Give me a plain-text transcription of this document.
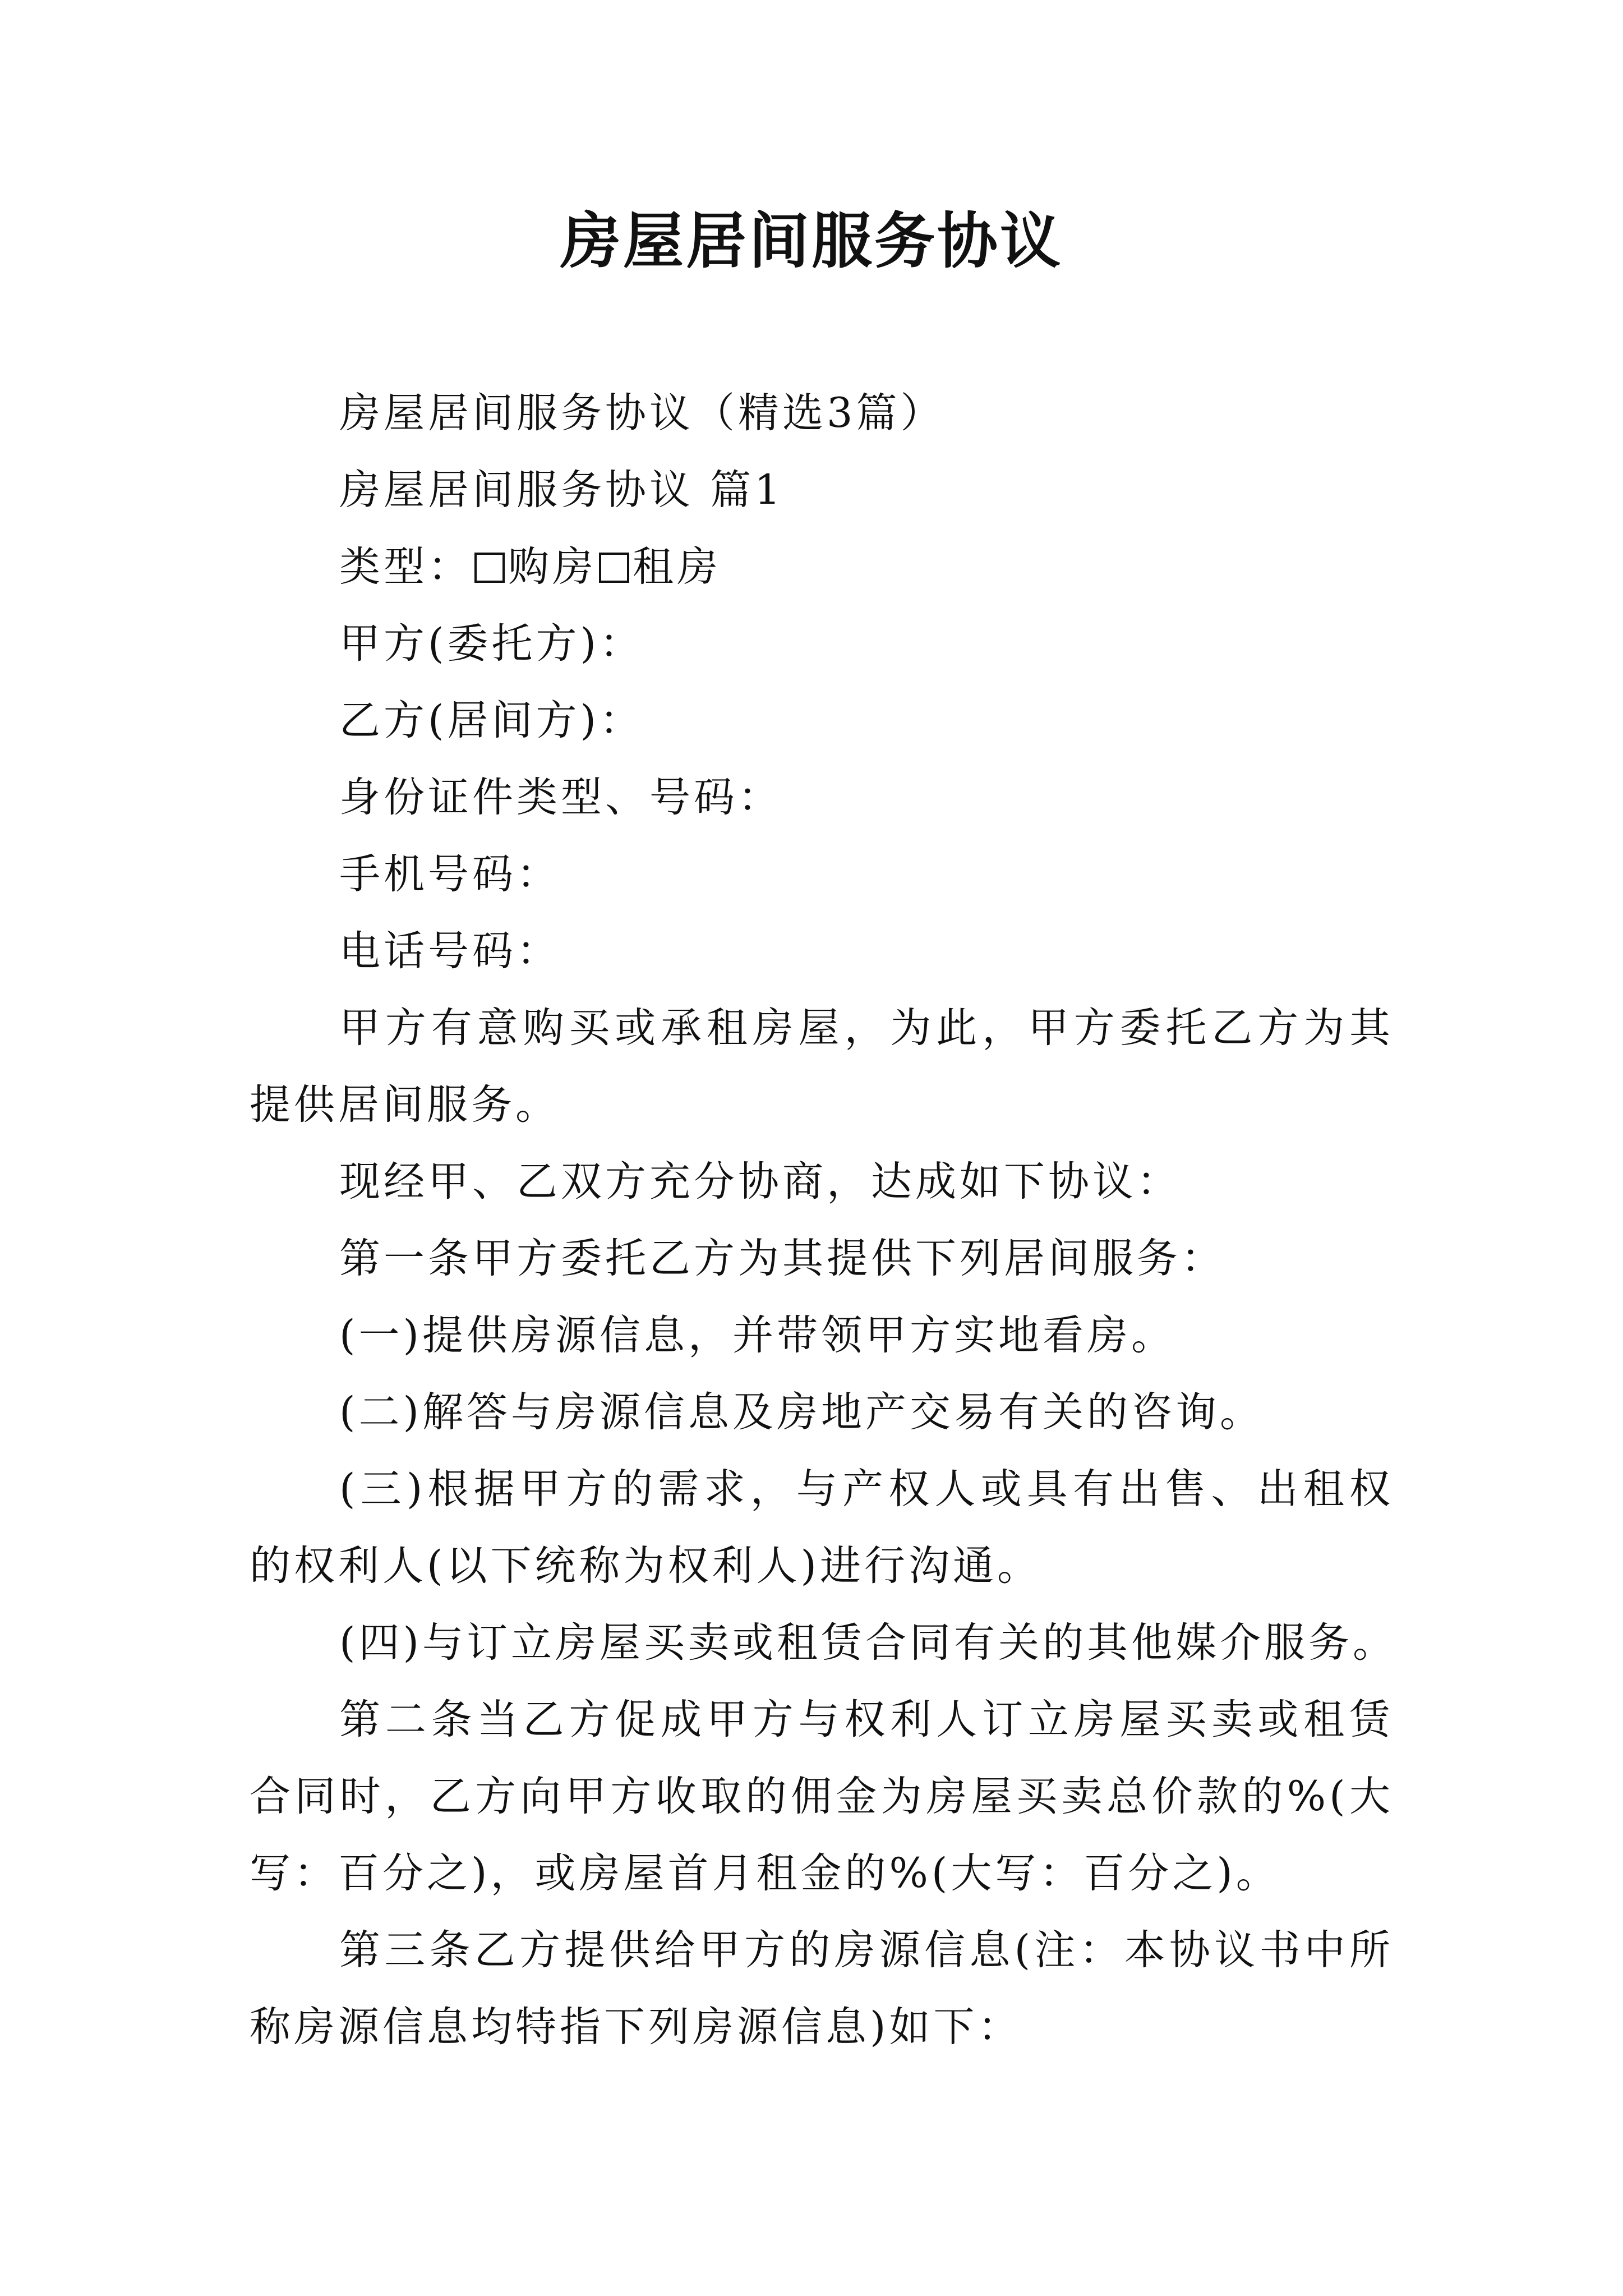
房屋居间服务协议

房屋居间服务协议（精选3篇）

房屋居间服务协议 篇1

类型： 购房 租房

甲方(委托方)：

乙方(居间方)：

身份证件类型、号码：

手机号码：

电话号码：

甲方有意购买或承租房屋，为此，甲方委托乙方为其提供居间服务。

现经甲、乙双方充分协商，达成如下协议：

第一条甲方委托乙方为其提供下列居间服务：

(一)提供房源信息，并带领甲方实地看房。

(二)解答与房源信息及房地产交易有关的咨询。

(三)根据甲方的需求，与产权人或具有出售、出租权的权利人(以下统称为权利人)进行沟通。

(四)与订立房屋买卖或租赁合同有关的其他媒介服务。

第二条当乙方促成甲方与权利人订立房屋买卖或租赁合同时，乙方向甲方收取的佣金为房屋买卖总价款的%(大写：百分之)，或房屋首月租金的%(大写：百分之)。

第三条乙方提供给甲方的房源信息(注：本协议书中所称房源信息均特指下列房源信息)如下：
